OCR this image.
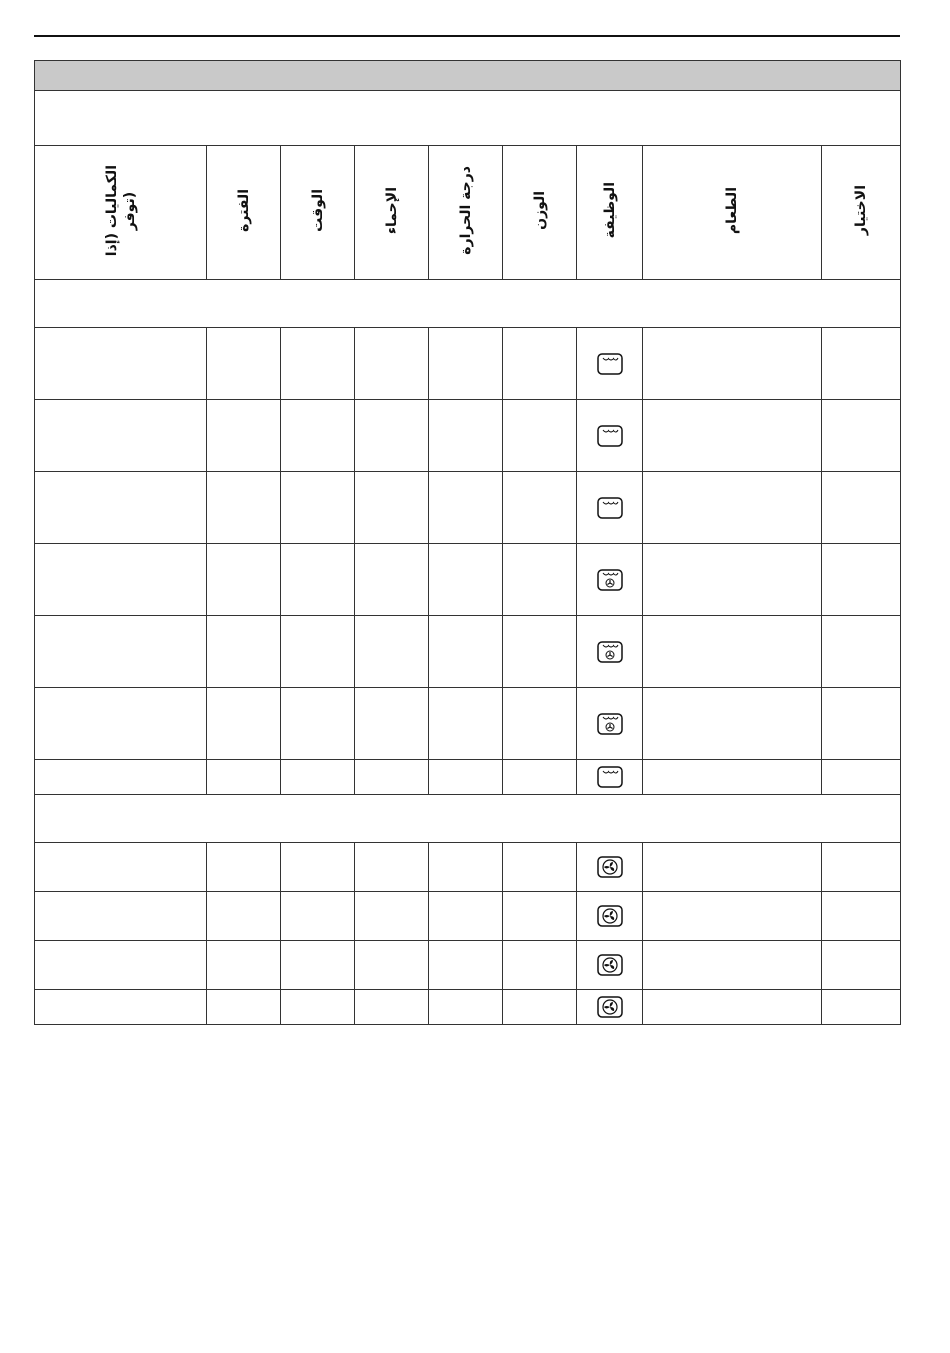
الكماليات (إذا
توفر)	الفترة	الوقت	الإحماء	درجة الحرارة	الوزن	الوظيفة	الطعام	الاختيار
